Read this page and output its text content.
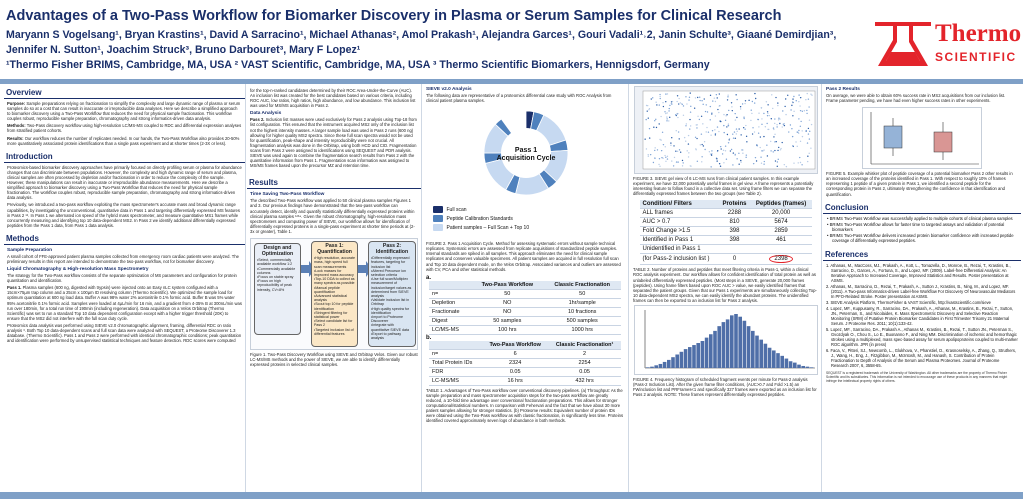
Advantages of a Two-Pass Workflow for Biomarker Discovery in Plasma or Serum Samples for Clinical Research
Maryann S Vogelsang¹, Bryan Krastins¹, David A Sarracino¹, Michael Athanas², Amol Prakash¹, Alejandra Garces¹, Gouri Vadali¹˒2, Janin Schulte³, Giaané Demirdjian³,
Jennifer N. Sutton¹, Joachim Struck³, Bruno Darbouret³, Mary F Lopez¹
¹Thermo Fisher BRIMS, Cambridge, MA, USA ² VAST Scientific, Cambridge, MA, USA ³ Thermo Scientific Biomarkers, Hennigsdorf, Germany
Thermo
SCIENTIFIC
Overview
Purpose: Sample preparations relying on fractionation to simplify the complexity and large dynamic range of plasma or serum samples do so at a cost that can result in inaccurate or irreproducible data analyses. Here we describe a simplified approach to biomarker discovery using a Two-Pass Workflow that reduces the need for physical sample fractionation. This workflow couples robust, reproducible sample preparation, chromatography and strong informatics-driven data analysis.
Methods: Two-Pass discovery workflow using high-resolution LC/MS-MS coupled to RDC and differential expression analyses from stratified patient cohorts.
Results: Our workflow reduces the number of replicates needed. In our hands, the Two-Pass Workflow also provides 20-50% more quantitatively associated protein identifications than a single pass experiment and at shorter times (2-3X or less).
Introduction
Proteomics-based biomarker discovery approaches have primarily focused on directly profiling serum or plasma for abundance changes that can discriminate between populations. However, the complexity and high dynamic range of serum and plasma, clinical samples are often processed by depletion and/or fractionation in order to reduce the complexity of the sample. However, these manipulations can result in inaccurate or irreproducible abundance measurements. Here we describe a simplified approach to biomarker discovery using a Two-Pass Workflow that reduces the need for physical sample fractionation. The workflow couples robust, reproducible sample preparation, chromatography and strong informatics-driven data analysis.
Previously, we introduced a two-pass workflow exploiting the mass spectrometer's accurate mass and broad dynamic range capabilities, by investigating the unconventional, quantitative data in Pass 1 and targeting differentially expressed MS features in Pass 2 ¹². In Pass 1 we alternated ion speed of the hybrid mass spectrometer, and measure quantitative MS1 frames while concurrently measuring and identifying top 10 data-dependent MS2. In Pass 2 we identify additional differentially expressed peptides from the Pass 1 data, from Pass 1 data analysis.
Methods
Sample Preparation
A small cohort of FFE-approved patient plasma samples collected from emergency room cardiac patients were analyzed. The preliminary results in this report are intended to demonstrate the two-pass workflow, not for biomarker discovery.
Liquid Chromatography & High-resolution Mass Spectrometry
The strategy for the Two-Pass workflow consists of the separate optimization of MS parameters and configuration for protein quantitation and identification.
Pass 1. Plasma samples (600 ng, digested with trypsin) were injected onto an Easy nLC system configured with a 15cm×75µm trap column and a 25cm x 100µm ID resolving column (Thermo Scientific). We optimized the sample load for optimum quantitation at 600 ng load data. Buffer A was 98% water 2% acetonitrile 0.1% formic acid. Buffer B was 5% water 95% acetonitrile 0.1% formic acid. Samples were loaded at 4µL/min for 16 min, and a gradient from 4-35% B at 300nL/min was run over 180min, for a total run time of 190min (including regeneration). Data acquisition on a Velos Orbitrap (Thermo Scientific) was set to run a standard Top 10 data dependent configuration except with a higher trigger threshold (20K) to ensure that the MS2 did not interfere with the full scan duty cycle.
Proteomics data analysis was performed using SIEVE v2.0 chromatographic alignment, framing, differential RDC on ratio analysis ³. Both Top 10 data-dependent scans and full scan data were analyzed with SEQUEST, a Proteome Discoverer 1.3 database. (Thermo Scientific). Pass 1 and Pass 2 were performed with identical chromatographic conditions; peak quantitation and identification were performed by unsupervised statistical techniques and feature detection. RDC scores were computed
for the top-n-ranked candidates determined by their ROC Area-Under-the-Curve (AUC). An inclusion list was created for the best candidates based on various criteria, including ROC AUC, low ratios, high ratios, high abundance, and low abundance. This inclusion list was used for MS/MS acquisition in Pass 2.
Data Analysis
Pass 2. Inclusion list masses were used exclusively for Pass 2 analysis using Top-18 from list configuration. This ensured that the instrument acquired MS2 only of the inclusion list not the highest intensity masses. A larger sample load was used in Pass 2 runs (600 ng) allowing for higher quality MS2 spectra. Since these full scan spectra would not be used for quantification, peak-shape and intensity reproducibility were not crucial. All fragmentation analysis was done in the Orbitrap, using both HCD and CID. Fragmentation scans from Pass 2 were assigned to identifications using SEQUEST and PDR analysis. SIEVE was used again to combine the fragmentation search results from Pass 2 with the quantitative information from Pass 1. Fragmentation scan information was assigned to MS/MS frames based upon the precursor MZ and retention time.
Results
Time Saving Two-Pass Workflow
The described Two-Pass workflow was applied to 50 clinical plasma samples Figures 1 and 3. Our previous findings have demonstrated that the two-pass workflow can accurately detect, identify and quantify statistically differentially expressed proteins within clinical plasma samples ¹²³⁴. Given the robust chromatography, high-resolution mass spectrometers and computing power of SIEVE, our workflow allows for identification of differentially expressed proteins in a single-pass experiment at shorter time periods at (2-3x or greater), Table 1.
Design and Optimization
•Select, commercially available workflow 1:2
•Commercially available columns
•Focus on stable spray
•Focus on high reproducibility of peak intensity, CV<8%
Pass 1: Quantification
•High resolution, accurate mass, high speed full scan measurements
•Lock masses for improved mass accuracy
•Top-10 DDA to collect as many spectra as possible
•Manual peptide quantification
•Advanced statistical analysis
•Scout top 10 for peptide identification
•Stringent filtering for statistical power
•Select candidate list for Pass 2
•Targeted inclusion list of differential features
Pass 2: Identification
•Differentially expressed features, targeting for inclusion list
•Altered Precursor ion selection criteria
•Use full scan/Multiplex measurement of inclusion/target values as determined from SIEVE analysis
•Validate inclusion list in Orbitrap
•High quality spectra for identification
•Import to Proteome Discoverer
•Integrate with quantitative SIEVE data
•Export to pathway analysis
Figure 1. Two-Pass Discovery Workflow using SIEVE and Orbitrap Velos. Given our robust LC-MS/MS methods and the power of SIEVE, we are able to identify differentially expressed proteins in selected clinical samples.
SIEVE v2.0 Analysis
The following data are representative of a proteomics differential case study with ROC Analysis from clinical patient plasma samples.
Pass 1
Acquisition Cycle
Full scan
Peptide Calibration Standards
Patient samples – Full Scan + Top 10
FIGURE 2. Pass 1 Acquisition Cycle. Method for assessing systematic errors without sample technical replicates. Systematic errors are assessed from replicate acquisitions of standardized peptide samples. Internal standards are spiked in all samples. This approach eliminates the need for clinical sample replicates and conserves valuable specimens. All patient samples are acquired in full resolution full scan and Top 10 data dependent mode, on the Velos Orbitrap. Associated variances and outliers are assessed with CV, PCA and other statistical methods.
a.
	Two-Pass Workflow	Classic Fractionation
n=	50	50
Depletion	NO	1hr/sample
Fractionate	NO	10 fractions
Digest	50 samples	500 samples
LC/MS-MS	100 hrs	1000 hrs
b.
	Two-Pass Workflow	Classic Fractionation¹
n=	6	2
Total Protein IDs	2324	2254
FDR	0.05	0.05
LC-MS/MS	16 hrs	432 hrs
TABLE 1. Advantages of Two-Pass workflow over conventional discovery pipelines. (a) Throughput: As the sample preparation and mass spectrometer acquisition steps for the two-pass workflow are greatly reduced, a 10-fold time advantage over conventional fractionation preparations. This allows for stronger computational/statistical numbers. In comparison with Fehervari and the fact that we have about 30 more patient samples allowing for stronger statistics. (b) Proteome results: Equivalent number of protein IDs were obtained using the Two-Pass workflow as with classic fractionation, in significantly less time. Proteins identified covered approximately seven logs of abundance in both methods.
FIGURE 3. SIEVE gel view of 6 LC-MS runs from clinical patient samples. In this example experiment, we have 32,000 potentially useful frames in gel view. A frame represents a potentially interesting feature to follow found in a collective data set. Using frame filters we can separate the differentially expressed frames between the two groups (see Table 2).
Condition/ Filters	Proteins	Peptides (frames)
ALL frames	2288	20,000
AUC > 0.7	810	5674
Fold Change >1.5	398	2859
Identified in Pass 1	398	461
Unidentified in Pass 1		
(for Pass-2 inclusion list )	0	2398
TABLE 2. Number of proteins and peptides that meet filtering criteria in Pass-1, within a clinical ROC analysis experiment. Our workflow allows for confident identification of total protein as well as unlabeled differentially expressed peptides. (Most steps in a SIEVE, generate 20,000 frames (peptides). Using frame filters based upon ROC AUC > value, we easily identified frames that separated the patient groups. Given that our Pass 1 experiments are simultaneously collecting Top-10 data-dependent MS2 spectra, we can easily identify the abundant proteins. The unidentified frames can then be exported to an inclusion list for Pass 2 analysis.
FIGURE 4. Frequency histogram of scheduled fragment events per minute for Pass-2 analysis (Pass-2 Inclusion List). After the given frame filter conditions, (AUC>0.7 and Fold >1.5) an FWinclusion list and PRFrames<1 and specifically 327 frames were exported as an inclusion list for Pass 2 analysis. NOTE: These frames represent differentially expressed peptides.
Pass 2 Results
On average, we were able to obtain 60% success rate in MS2 acquisitions from our inclusion list. Frame parameter pending, we have had even higher success rates in other experiments.
FIGURE 5. Example whisker plot of peptide coverage of a potential biomarker Pass 2 other results in an increased coverage of the proteins identified in Pass 1. With respect to roughly 10% of frames representing 1 peptide of a given protein in Pass 1, we identified a second peptide for the corresponding protein in Pass 2, ultimately strengthening the confidence in that identification and quantification.
Conclusion
• BRIMS Two-Pass Workflow was successfully applied to multiple cohorts of clinical plasma samples
• BRIMS Two-Pass Workflow allows for faster time to targeted assays and validation of potential biomarkers
• BRIMS Two-Pass Workflow delivers increased protein biomarker confidence with increased peptide coverage of differentially expressed peptides.
References
1. Athanas, M., MacCoss, MJ., Prakash, A., Kott, L., Tomazella, D., Monroe, B., Rezai, T., Krastins, B., Sarracino, D., Garces, A., Fortuna, S., and Lopez, MF. (2009). Label-free Differential Analysis: An Iterative Approach to Increased Coverage, Improved Statistics and Results. Poster presentation at ASMS.
2. Athanas, M., Sarracino, D., Rezai, T., Prakash, A., Sutton J., Krastins, B., Ning, M., and Lopez, MF. (2011). A Two-pass Informatics-driven Label-free Workflow For Discovery Of Neurovascular Mediators In PFO-Related Stroke. Poster presentation at ASMS.
3. SIEVE Analysis Platform, ThermoFisher & VAST Scientific, http://vastscientific.com/sieve
4. Lopez, MF., Kuppusamy, R., Sarracino, DA., Prakash, A., Athanas, M., Krastins, B., Rezai, T., Sutton, JN., Peterman, S., and Nicolaides, K. Mass Spectrometric Discovery and Selective Reaction Monitoring (SRM) of Putative Protein Biomarker Candidates in First Trimester Trisomy 21 Maternal Serum. J Proteome Res. 2011; 10(1):133-42.
5. Lopez, MF., Sarracino, DA., Prakash A., Athanas M., Krastins, B., Rezai, T., Sutton JN., Peterman S., Gvozdyak O., Chou S., Lo E., Buonanno F., and Ning MM. Discrimination of ischemic and hemorrhagic strokes using a multiplexed, mass spec-based assay for serum apolipoproteins coupled to multi-marker ROC algorithm. JPR (in press)
6. Faca, V., Pitteri, SJ., Newcomb, L., Glukhova, V., Phanstiel, D., Krasnoselsky, A., Zhang, Q., Struthers, J., Wang, H., Eng, J., Fitzgibbon, M., McIntosh, M., and Hanash, S. Contribution of Protein Fractionation to Depth of Analysis of the Serum and Plasma Proteomes. Journal of Proteome Research 2007, 6, 3558-65.
SEQUEST is a registered trademark of the University of Washington. All other trademarks are the property of Thermo Fisher Scientific and its subsidiaries. This information is not intended to encourage use of these products in any manners that might infringe the intellectual property rights of others.
